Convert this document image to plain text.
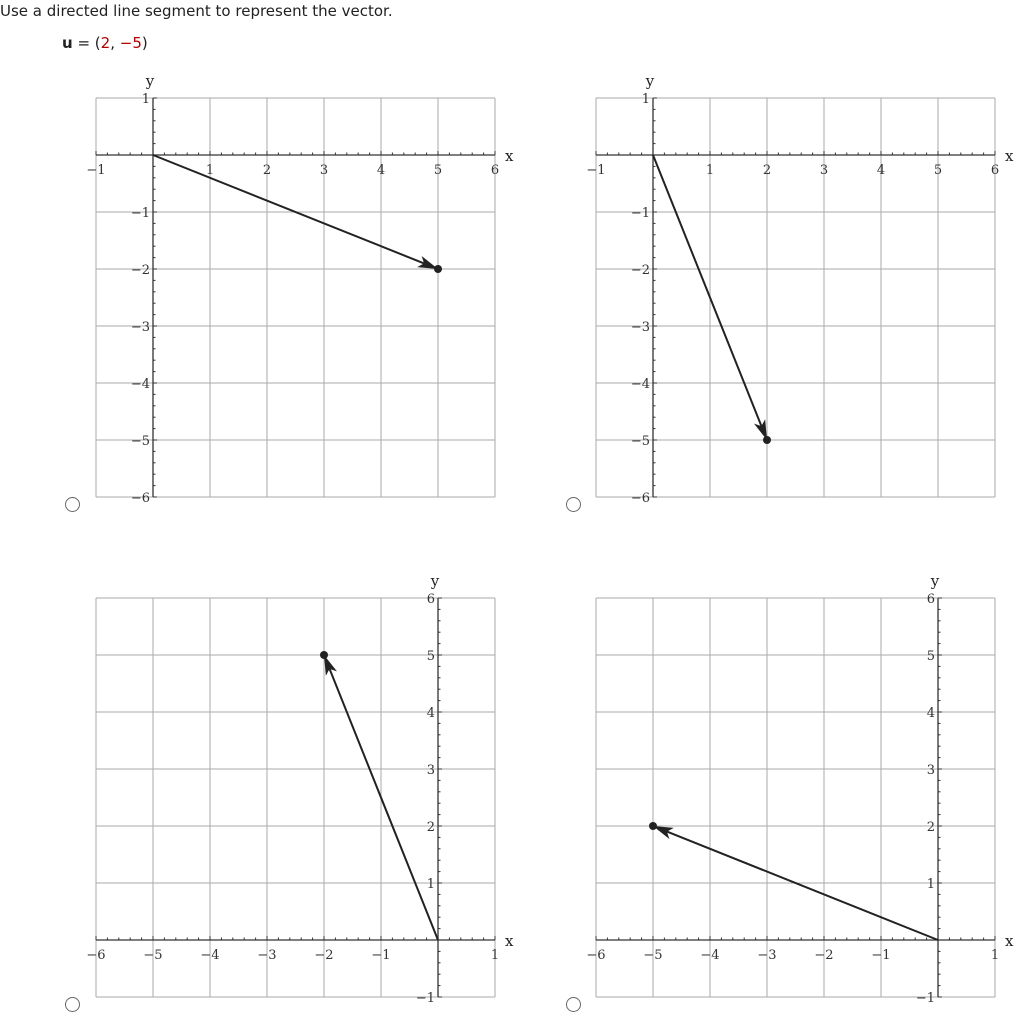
Use a directed line segment to represent the vector.
u = (2, −5)
−1	1	2	3	4	5	6
−6
−5
−4
−3
−2
−1
1
x
y
−1	1	2	3	4	5	6
−6
−5
−4
−3
−2
−1
1
x
y
−6	−5	−4	−3	−2	−1	1
−1
1
2
3
4
5
6
x
y
−6	−5	−4	−3	−2	−1	1
−1
1
2
3
4
5
6
x
y
